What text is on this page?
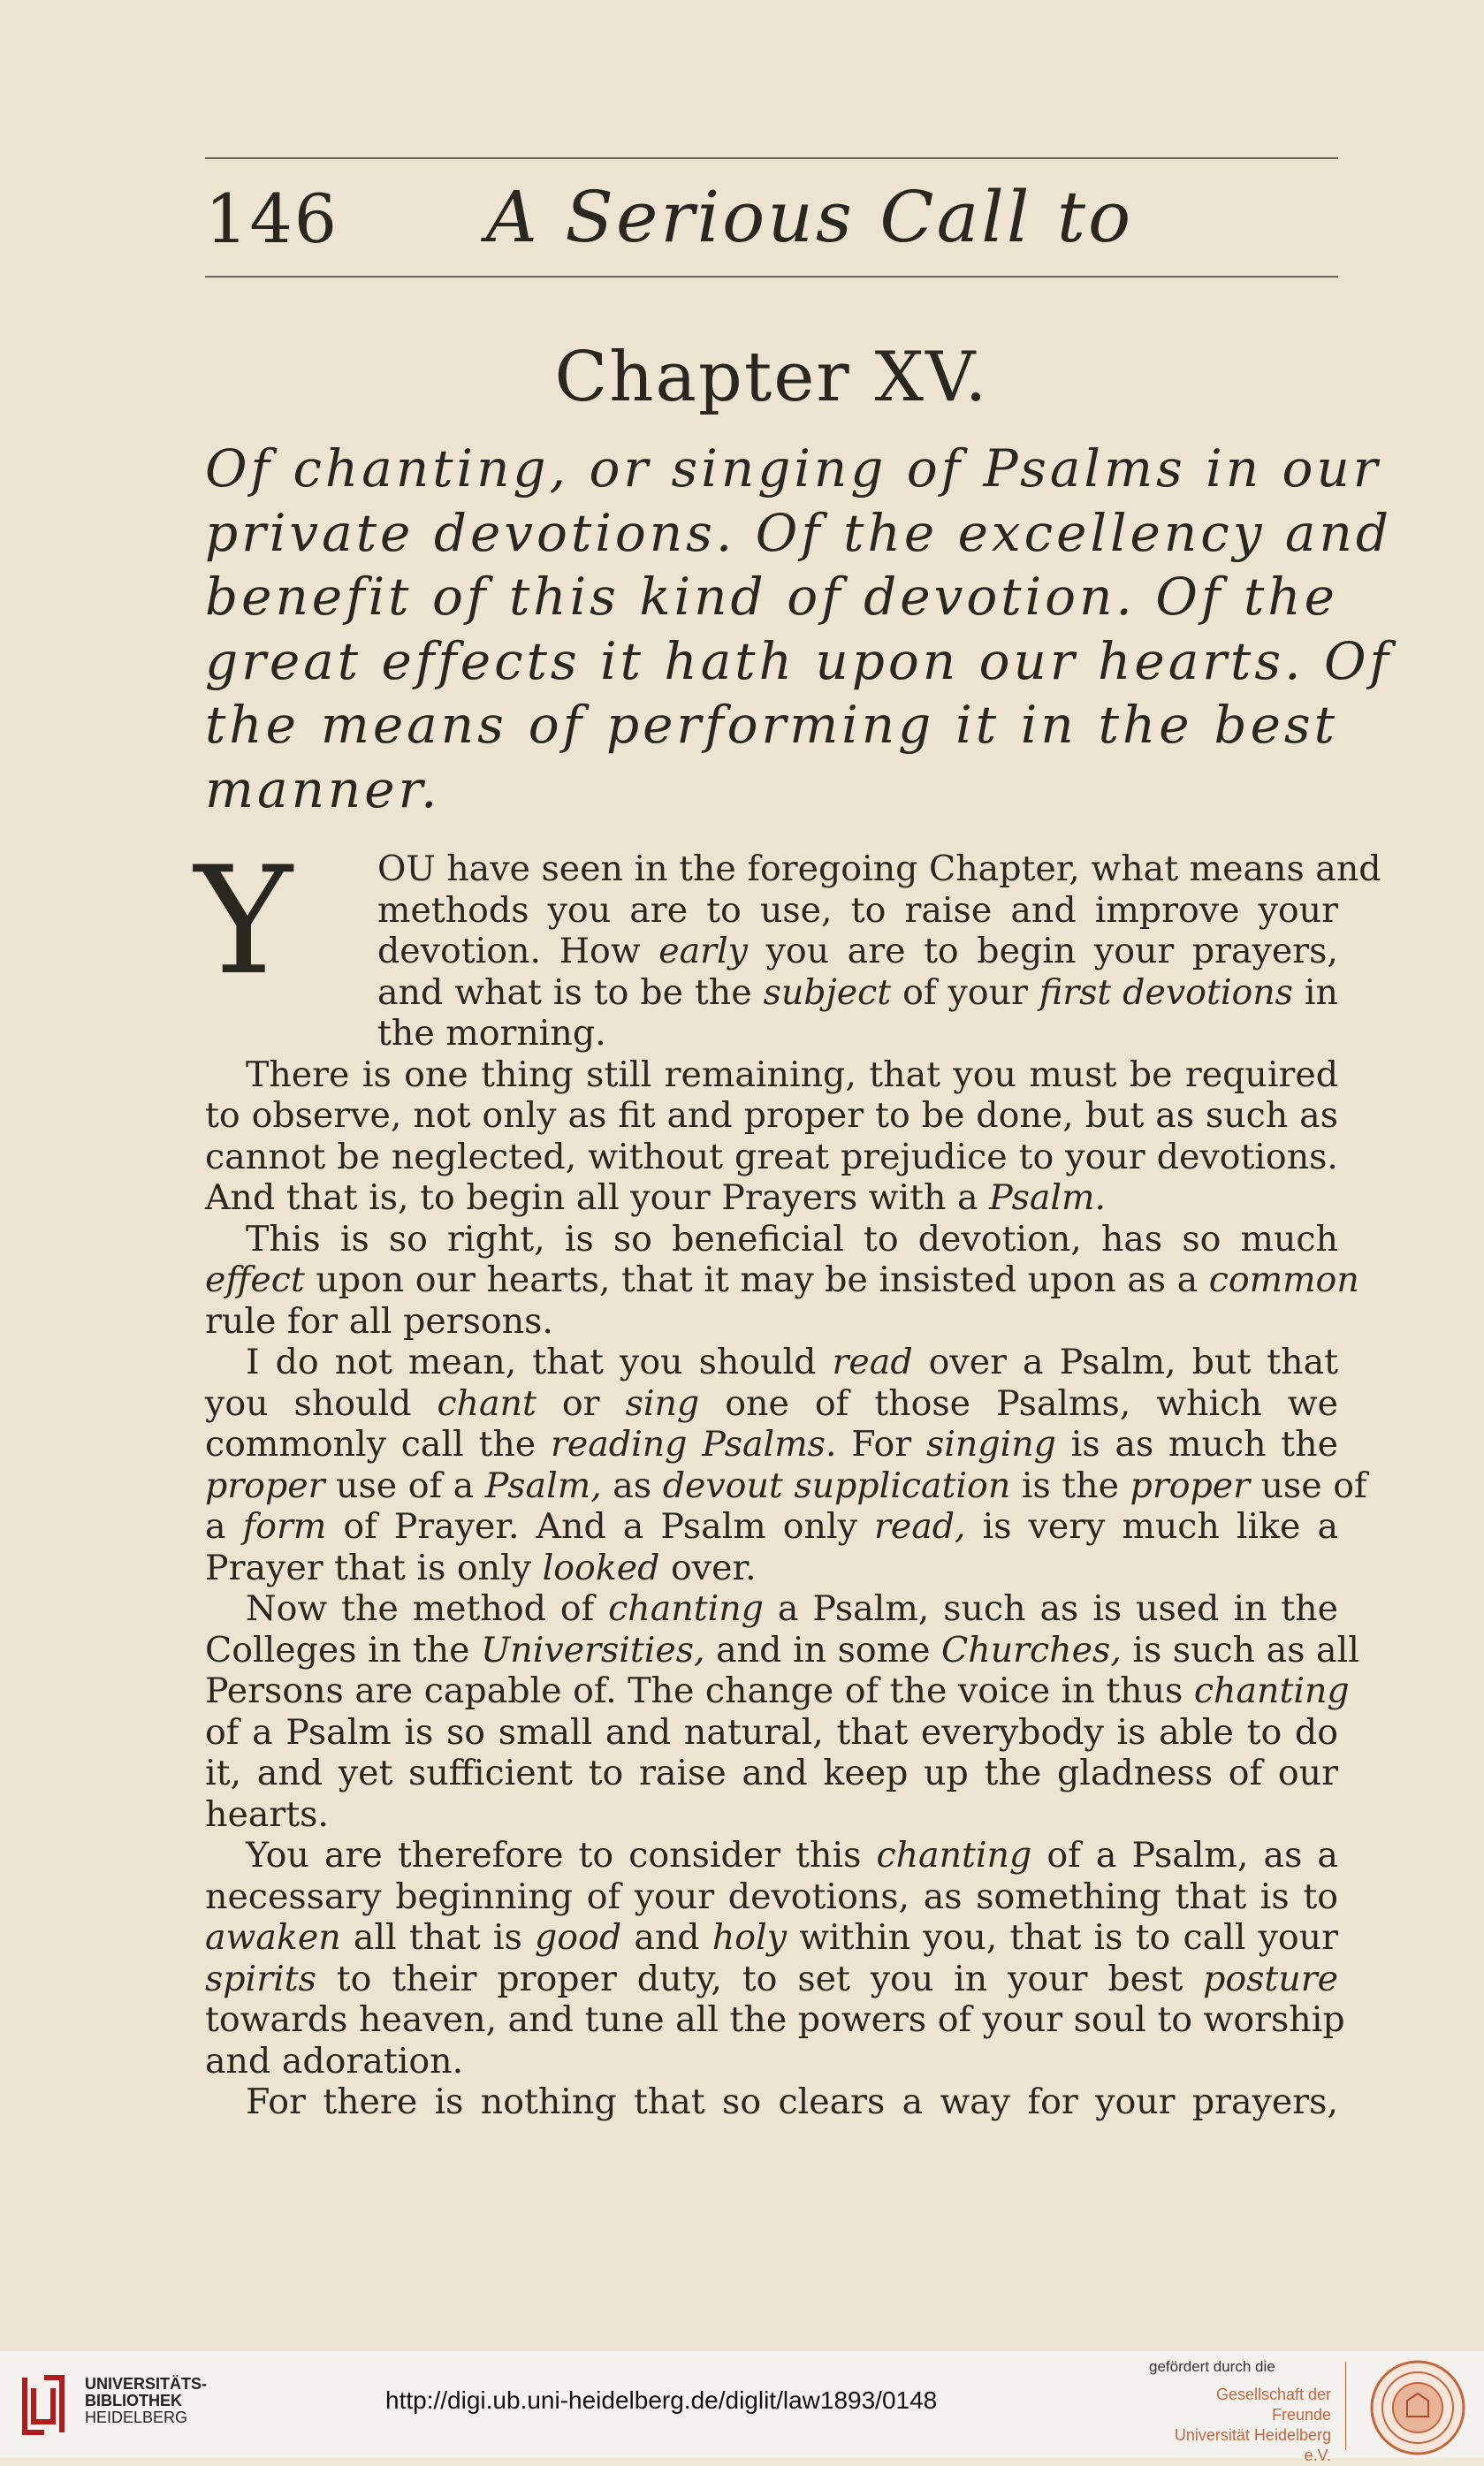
146 A Serious Call to
Chapter XV.
Of chanting, or singing of Psalms in our
private devotions. Of the excellency and
benefit of this kind of devotion. Of the
great effects it hath upon our hearts. Of
the means of performing it in the best
manner.
Y	OU have seen in the foregoing Chapter, what means and
methods you are to use, to raise and improve your
devotion. How early you are to begin your prayers,
and what is to be the subject of your first devotions in
the morning.
There is one thing still remaining, that you must be required
to observe, not only as fit and proper to be done, but as such as
cannot be neglected, without great prejudice to your devotions.
And that is, to begin all your Prayers with a Psalm.
This is so right, is so beneficial to devotion, has so much
effect upon our hearts, that it may be insisted upon as a common
rule for all persons.
I do not mean, that you should read over a Psalm, but that
you should chant or sing one of those Psalms, which we
commonly call the reading Psalms. For singing is as much the
proper use of a Psalm, as devout supplication is the proper use of
a form of Prayer. And a Psalm only read, is very much like a
Prayer that is only looked over.
Now the method of chanting a Psalm, such as is used in the
Colleges in the Universities, and in some Churches, is such as all
Persons are capable of. The change of the voice in thus chanting
of a Psalm is so small and natural, that everybody is able to do
it, and yet sufficient to raise and keep up the gladness of our
hearts.
You are therefore to consider this chanting of a Psalm, as a
necessary beginning of your devotions, as something that is to
awaken all that is good and holy within you, that is to call your
spirits to their proper duty, to set you in your best posture
towards heaven, and tune all the powers of your soul to worship
and adoration.
For there is nothing that so clears a way for your prayers,
UNIVERSITÄTS-
BIBLIOTHEK
HEIDELBERG
http://digi.ub.uni-heidelberg.de/diglit/law1893/0148
gefördert durch die
Gesellschaft der Freunde
Universität Heidelberg e.V.
